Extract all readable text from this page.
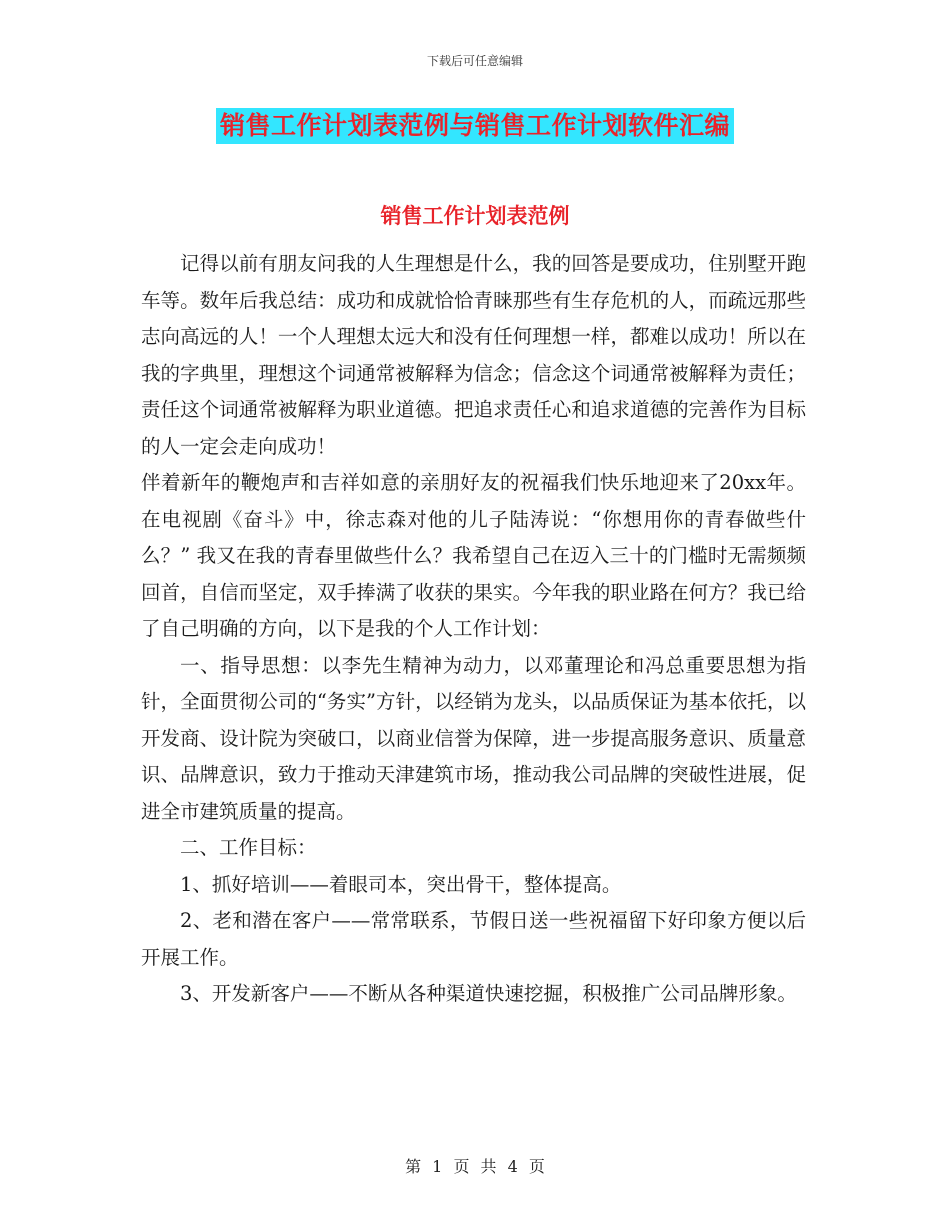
下载后可任意编辑
销售工作计划表范例与销售工作计划软件汇编
销售工作计划表范例

记得以前有朋友问我的人生理想是什么，我的回答是要成功，住别墅开跑车等。数年后我总结：成功和成就恰恰青睐那些有生存危机的人，而疏远那些志向高远的人！一个人理想太远大和没有任何理想一样，都难以成功！所以在我的字典里，理想这个词通常被解释为信念；信念这个词通常被解释为责任；责任这个词通常被解释为职业道德。把追求责任心和追求道德的完善作为目标的人一定会走向成功！

伴着新年的鞭炮声和吉祥如意的亲朋好友的祝福我们快乐地迎来了20xx年。在电视剧《奋斗》中，徐志森对他的儿子陆涛说：“你想用你的青春做些什么？” 我又在我的青春里做些什么？我希望自己在迈入三十的门槛时无需频频回首，自信而坚定，双手捧满了收获的果实。今年我的职业路在何方？我已给了自己明确的方向，以下是我的个人工作计划：

一、指导思想：以李先生精神为动力，以邓董理论和冯总重要思想为指针，全面贯彻公司的“务实”方针，以经销为龙头，以品质保证为基本依托，以开发商、设计院为突破口，以商业信誉为保障，进一步提高服务意识、质量意识、品牌意识，致力于推动天津建筑市场，推动我公司品牌的突破性进展，促进全市建筑质量的提高。

二、工作目标：

1、抓好培训——着眼司本，突出骨干，整体提高。

2、老和潜在客户——常常联系，节假日送一些祝福留下好印象方便以后开展工作。

3、开发新客户——不断从各种渠道快速挖掘，积极推广公司品牌形象。

第 1 页 共 4 页
